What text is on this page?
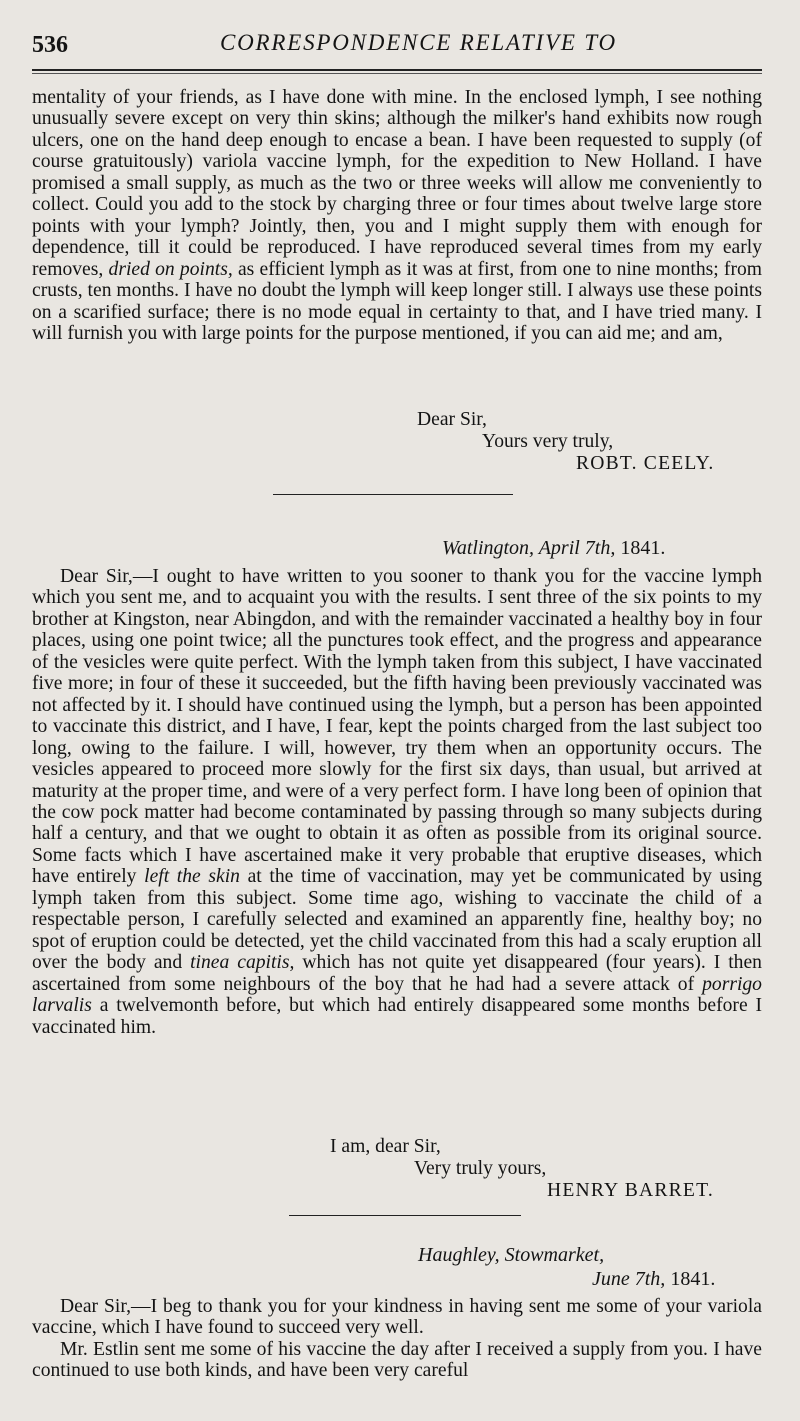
536	CORRESPONDENCE RELATIVE TO

mentality of your friends, as I have done with mine. In the enclosed lymph, I see nothing unusually severe except on very thin skins; although the milker's hand exhibits now rough ulcers, one on the hand deep enough to encase a bean. I have been requested to supply (of course gratuitously) variola vaccine lymph, for the expedition to New Holland. I have promised a small supply, as much as the two or three weeks will allow me conveniently to collect. Could you add to the stock by charging three or four times about twelve large store points with your lymph? Jointly, then, you and I might supply them with enough for dependence, till it could be reproduced. I have reproduced several times from my early removes, dried on points, as efficient lymph as it was at first, from one to nine months; from crusts, ten months. I have no doubt the lymph will keep longer still. I always use these points on a scarified surface; there is no mode equal in certainty to that, and I have tried many. I will furnish you with large points for the purpose mentioned, if you can aid me; and am,

Dear Sir,
Yours very truly,
ROBT. CEELY.
Watlington, April 7th, 1841.

Dear Sir,—I ought to have written to you sooner to thank you for the vaccine lymph which you sent me, and to acquaint you with the results. I sent three of the six points to my brother at Kingston, near Abingdon, and with the remainder vaccinated a healthy boy in four places, using one point twice; all the punctures took effect, and the progress and appearance of the vesicles were quite perfect. With the lymph taken from this subject, I have vaccinated five more; in four of these it succeeded, but the fifth having been previously vaccinated was not affected by it. I should have continued using the lymph, but a person has been appointed to vaccinate this district, and I have, I fear, kept the points charged from the last subject too long, owing to the failure. I will, however, try them when an opportunity occurs. The vesicles appeared to proceed more slowly for the first six days, than usual, but arrived at maturity at the proper time, and were of a very perfect form. I have long been of opinion that the cow pock matter had become contaminated by passing through so many subjects during half a century, and that we ought to obtain it as often as possible from its original source. Some facts which I have ascertained make it very probable that eruptive diseases, which have entirely left the skin at the time of vaccination, may yet be communicated by using lymph taken from this subject. Some time ago, wishing to vaccinate the child of a respectable person, I carefully selected and examined an apparently fine, healthy boy; no spot of eruption could be detected, yet the child vaccinated from this had a scaly eruption all over the body and tinea capitis, which has not quite yet disappeared (four years). I then ascertained from some neighbours of the boy that he had had a severe attack of porrigo larvalis a twelvemonth before, but which had entirely disappeared some months before I vaccinated him.

I am, dear Sir,
Very truly yours,
HENRY BARRET.
Haughley, Stowmarket,
June 7th, 1841.

Dear Sir,—I beg to thank you for your kindness in having sent me some of your variola vaccine, which I have found to succeed very well.

Mr. Estlin sent me some of his vaccine the day after I received a supply from you. I have continued to use both kinds, and have been very careful
